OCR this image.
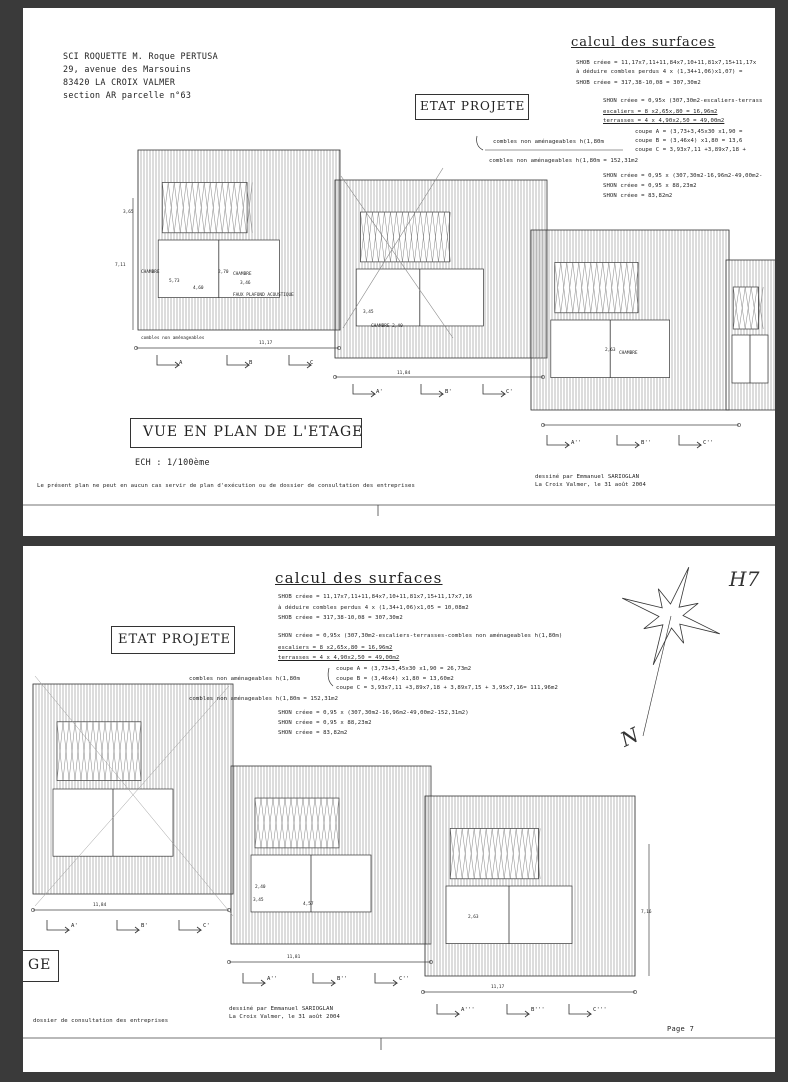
SCI ROQUETTE M. Roque PERTUSA
29, avenue des Marsouins
83420 LA CROIX VALMER
section AR parcelle n°63
ETAT PROJETE
calcul des surfaces
SHOB créee = 11,17x7,11+11,84x7,10+11,81x7,15+11,17x
à déduire combles perdus 4 x (1,34+1,06)x1,07) =
SHOB créee = 317,38-10,08 = 307,30m2
SHON créee = 0,95x (307,30m2-escaliers-terrass
escaliers = 8 x2,65x,80 = 16,96m2
terrasses = 4 x 4,90x2,50 = 49,00m2
coupe A = (3,73+3,45x30 x1,90 =
coupe B = (3,46x4) x1,80 = 13,6
coupe C = 3,93x7,11 +3,89x7,18 +
combles non aménageables h(1,80m
combles non aménageables h(1,80m = 152,31m2
SHON créee = 0,95 x (307,30m2-16,96m2-49,00m2-
SHON créee = 0,95 x 88,23m2
SHON créee = 83,82m2
VUE EN PLAN DE L'ETAGE
ECH : 1/100ème
Le présent plan ne peut en aucun cas servir de plan d'exécution ou de dossier de consultation des entreprises
dessiné par Emmanuel SARIOGLAN
La Croix Valmer, le 31 août 2004
A	B	C
A'	B'	C'
A''	B''	C''
CHAMBRE	CHAMBRE
CHAMBRE 2,40
CHAMBRE
FAUX PLAFOND ACOUSTIQUE
combles non aménageables
11,17
11,84
7,11
3,65
5,73	3,46
2,70
4,60
3,45
2,63
calcul des surfaces
SHOB créee = 11,17x7,11+11,84x7,10+11,81x7,15+11,17x7,16
à déduire combles perdus 4 x (1,34+1,06)x1,05 = 10,08m2
SHOB créee = 317,38-10,08 = 307,30m2
SHON créee = 0,95x (307,30m2-escaliers-terrasses-combles non aménageables h(1,80m)
escaliers = 8 x2,65x,80 = 16,96m2
terrasses = 4 x 4,90x2,50 = 49,00m2
coupe A = (3,73+3,45x30 x1,90 = 26,73m2
coupe B = (3,46x4) x1,80 = 13,60m2
coupe C = 3,93x7,11 +3,89x7,18 + 3,89x7,15 + 3,95x7,16= 111,96m2
combles non aménageables h(1,80m
combles non aménageables h(1,80m = 152,31m2
SHON créee = 0,95 x (307,30m2-16,96m2-49,00m2-152,31m2)
SHON créee = 0,95 x 88,23m2
SHON créee = 83,82m2
ETAT PROJETE
H7
N
GE
dessiné par Emmanuel SARIOGLAN
La Croix Valmer, le 31 août 2004
dossier de consultation des entreprises
Page 7
A'	B'	C'
A''	B''	C''
A'''	B'''	C'''
11,84
11,81
11,17
7,16
3,45
2,40
2,63
4,57
